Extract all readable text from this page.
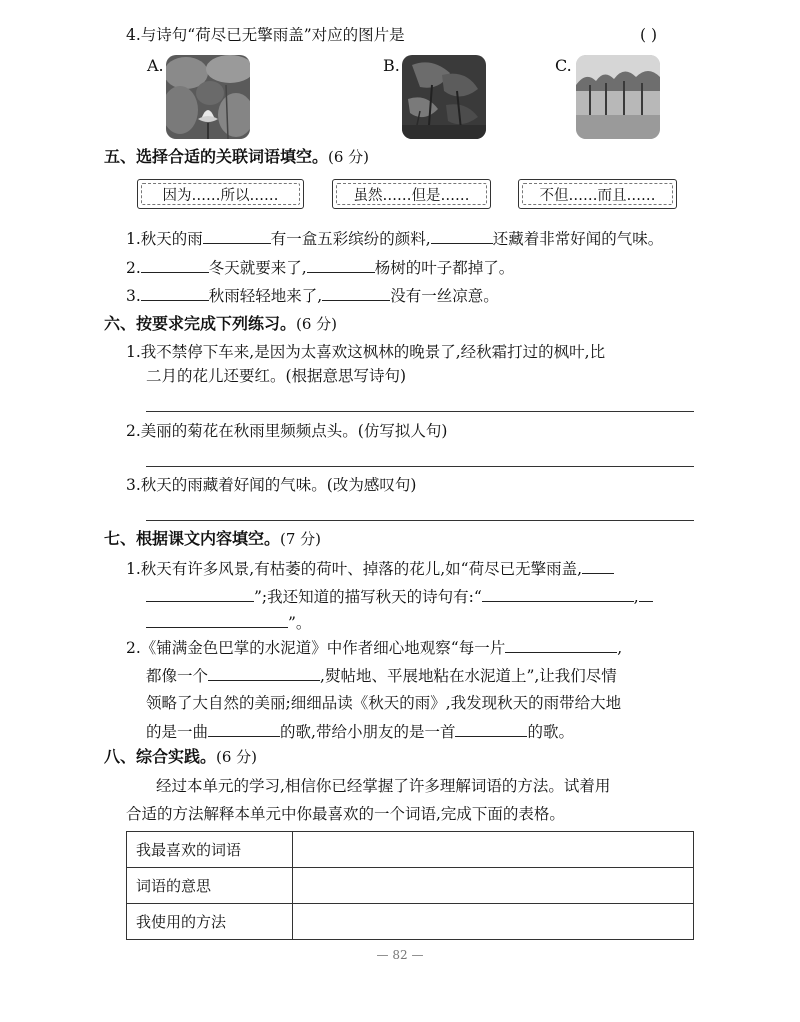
4.与诗句“荷尽已无擎雨盖”对应的图片是	( )
A.	B.	C.
五、选择合适的关联词语填空。(6 分)
因为……所以……	虽然……但是……	不但……而且……
1.秋天的雨	有一盒五彩缤纷的颜料,	还藏着非常好闻的气味。
2.	冬天就要来了,	杨树的叶子都掉了。
3.	秋雨轻轻地来了,	没有一丝凉意。
六、按要求完成下列练习。(6 分)
1.我不禁停下车来,是因为太喜欢这枫林的晚景了,经秋霜打过的枫叶,比
二月的花儿还要红。(根据意思写诗句)
2.美丽的菊花在秋雨里频频点头。(仿写拟人句)
3.秋天的雨藏着好闻的气味。(改为感叹句)
七、根据课文内容填空。(7 分)
1.秋天有许多风景,有枯萎的荷叶、掉落的花儿,如“荷尽已无擎雨盖,
”;我还知道的描写秋天的诗句有:“	,
”。
2.《铺满金色巴掌的水泥道》中作者细心地观察“每一片	,
都像一个	,熨帖地、平展地粘在水泥道上”,让我们尽情
领略了大自然的美丽;细细品读《秋天的雨》,我发现秋天的雨带给大地
的是一曲	的歌,带给小朋友的是一首	的歌。
八、综合实践。(6 分)
经过本单元的学习,相信你已经掌握了许多理解词语的方法。试着用
合适的方法解释本单元中你最喜欢的一个词语,完成下面的表格。
我最喜欢的词语	
词语的意思	
我使用的方法	
— 82 —
